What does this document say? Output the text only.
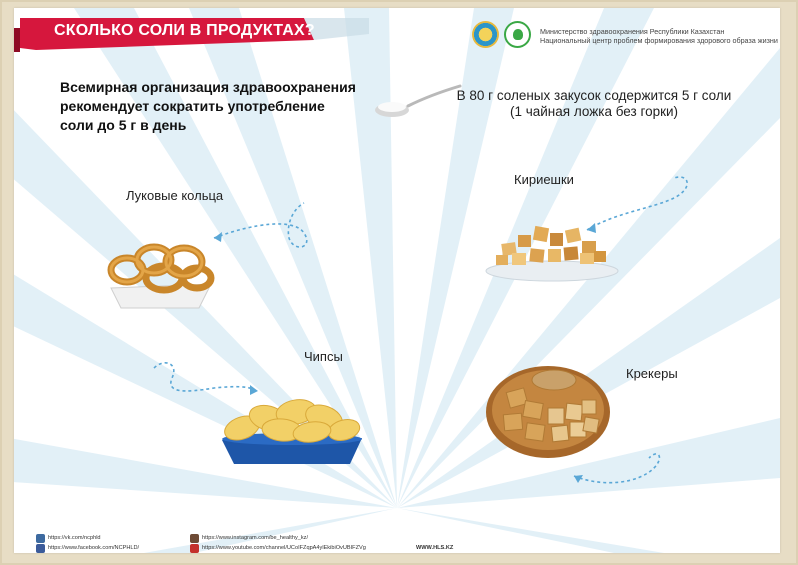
СКОЛЬКО СОЛИ В ПРОДУКТАХ?	Министерство здравоохранения Республики Казахстан
Национальный центр проблем формирования здорового образа жизни
Всемирная организация здравоохранения
рекомендует сократить употребление
соли до 5 г в день
В 80 г соленых закусок содержится 5 г соли
(1 чайная ложка без горки)
Луковые кольца
Кириешки
Чипсы
Крекеры
https://vk.com/ncphld
https://www.facebook.com/NCPHLD/
https://www.instagram.com/be_healthy_kz/
https://www.youtube.com/channel/UCoIFZqpA4ylEkibiOvUBIFZVg	WWW.HLS.KZ
